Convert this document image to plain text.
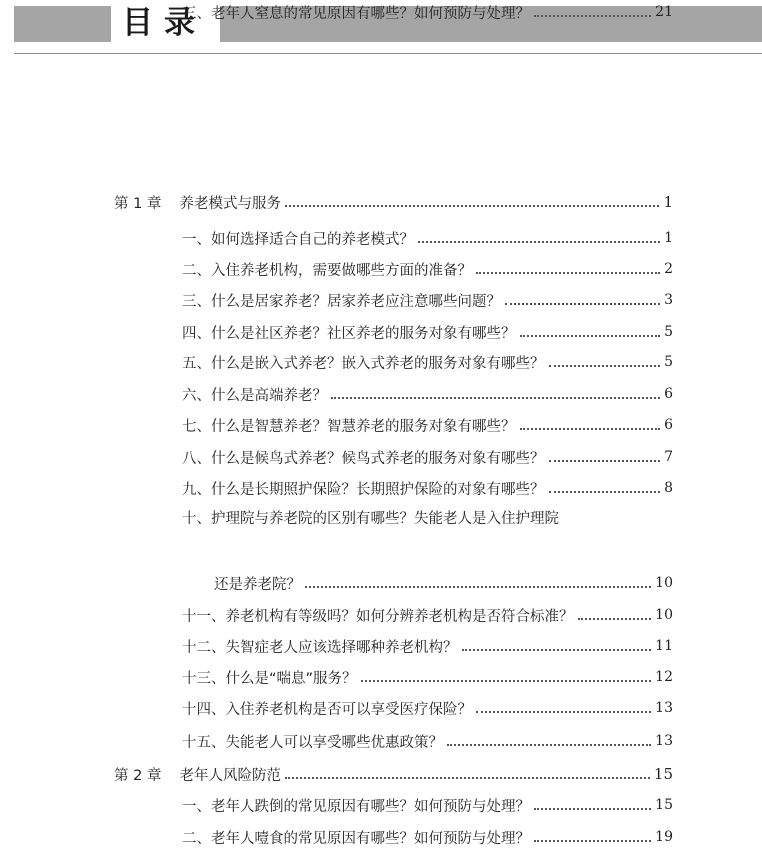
目录
第 1 章 养老模式与服务	1
一、如何选择适合自己的养老模式？	1
二、入住养老机构，需要做哪些方面的准备？	2
三、什么是居家养老？居家养老应注意哪些问题？	3
四、什么是社区养老？社区养老的服务对象有哪些？	5
五、什么是嵌入式养老？嵌入式养老的服务对象有哪些？	5
六、什么是高端养老？	6
七、什么是智慧养老？智慧养老的服务对象有哪些？	6
八、什么是候鸟式养老？候鸟式养老的服务对象有哪些？	7
九、什么是长期照护保险？长期照护保险的对象有哪些？	8
十、护理院与养老院的区别有哪些？失能老人是入住护理院
还是养老院？	10
十一、养老机构有等级吗？如何分辨养老机构是否符合标准？	10
十二、失智症老人应该选择哪种养老机构？	11
十三、什么是“喘息”服务？	12
十四、入住养老机构是否可以享受医疗保险？	13
十五、失能老人可以享受哪些优惠政策？	13
第 2 章 老年人风险防范	15
一、老年人跌倒的常见原因有哪些？如何预防与处理？	15
二、老年人噎食的常见原因有哪些？如何预防与处理？	19
三、老年人窒息的常见原因有哪些？如何预防与处理？	21
